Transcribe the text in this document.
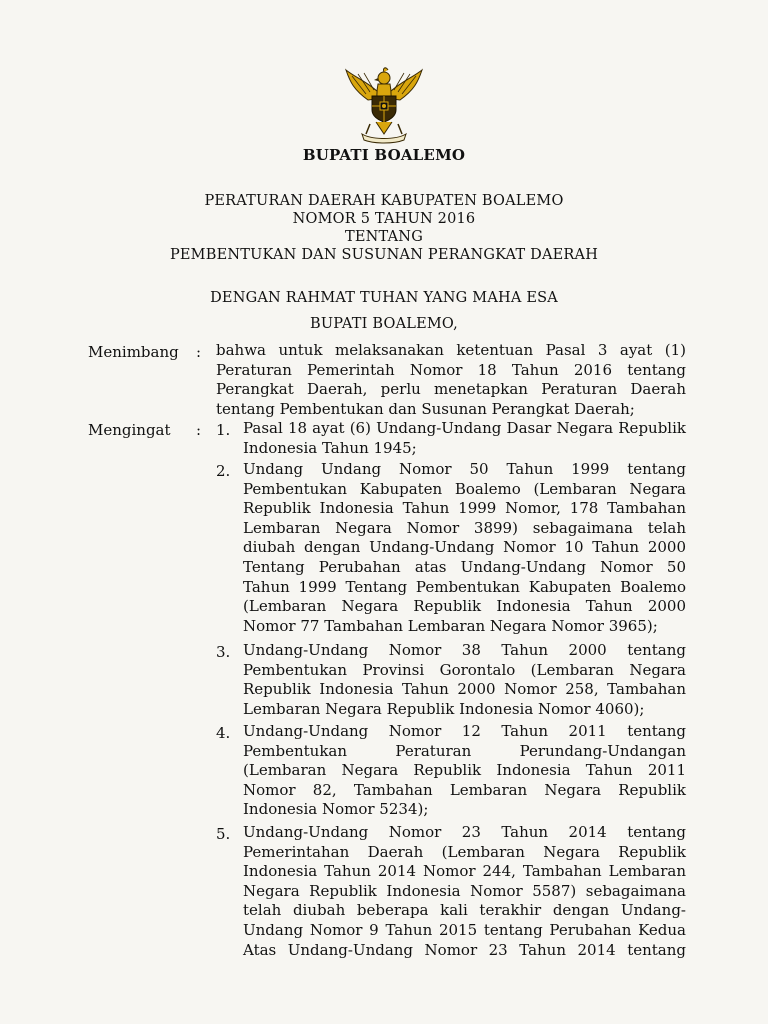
BUPATI BOALEMO
PERATURAN DAERAH KABUPATEN BOALEMO
NOMOR 5 TAHUN 2016
TENTANG
PEMBENTUKAN DAN SUSUNAN PERANGKAT DAERAH
DENGAN RAHMAT TUHAN YANG MAHA ESA
BUPATI BOALEMO,
Menimbang : bahwa untuk melaksanakan ketentuan Pasal 3 ayat (1) Peraturan Pemerintah Nomor 18 Tahun 2016 tentang Perangkat Daerah, perlu menetapkan Peraturan Daerah tentang Pembentukan dan Susunan Perangkat Daerah;

Mengingat : 1. Pasal 18 ayat (6) Undang-Undang Dasar Negara Republik Indonesia Tahun 1945;

2. Undang Undang Nomor 50 Tahun 1999 tentang Pembentukan Kabupaten Boalemo (Lembaran Negara Republik Indonesia Tahun 1999 Nomor, 178 Tambahan Lembaran Negara Nomor 3899) sebagaimana telah diubah dengan Undang-Undang Nomor 10 Tahun 2000 Tentang Perubahan atas Undang-Undang Nomor 50 Tahun 1999 Tentang Pembentukan Kabupaten Boalemo (Lembaran Negara Republik Indonesia Tahun 2000 Nomor 77 Tambahan Lembaran Negara Nomor 3965);

3. Undang-Undang Nomor 38 Tahun 2000 tentang Pembentukan Provinsi Gorontalo (Lembaran Negara Republik Indonesia Tahun 2000 Nomor 258, Tambahan Lembaran Negara Republik Indonesia Nomor 4060);

4. Undang-Undang Nomor 12 Tahun 2011 tentang Pembentukan Peraturan Perundang-Undangan (Lembaran Negara Republik Indonesia Tahun 2011 Nomor 82, Tambahan Lembaran Negara Republik Indonesia Nomor 5234);

5. Undang-Undang Nomor 23 Tahun 2014 tentang Pemerintahan Daerah (Lembaran Negara Republik Indonesia Tahun 2014 Nomor 244, Tambahan Lembaran Negara Republik Indonesia Nomor 5587) sebagaimana telah diubah beberapa kali terakhir dengan Undang-Undang Nomor 9 Tahun 2015 tentang Perubahan Kedua Atas Undang-Undang Nomor 23 Tahun 2014 tentang
